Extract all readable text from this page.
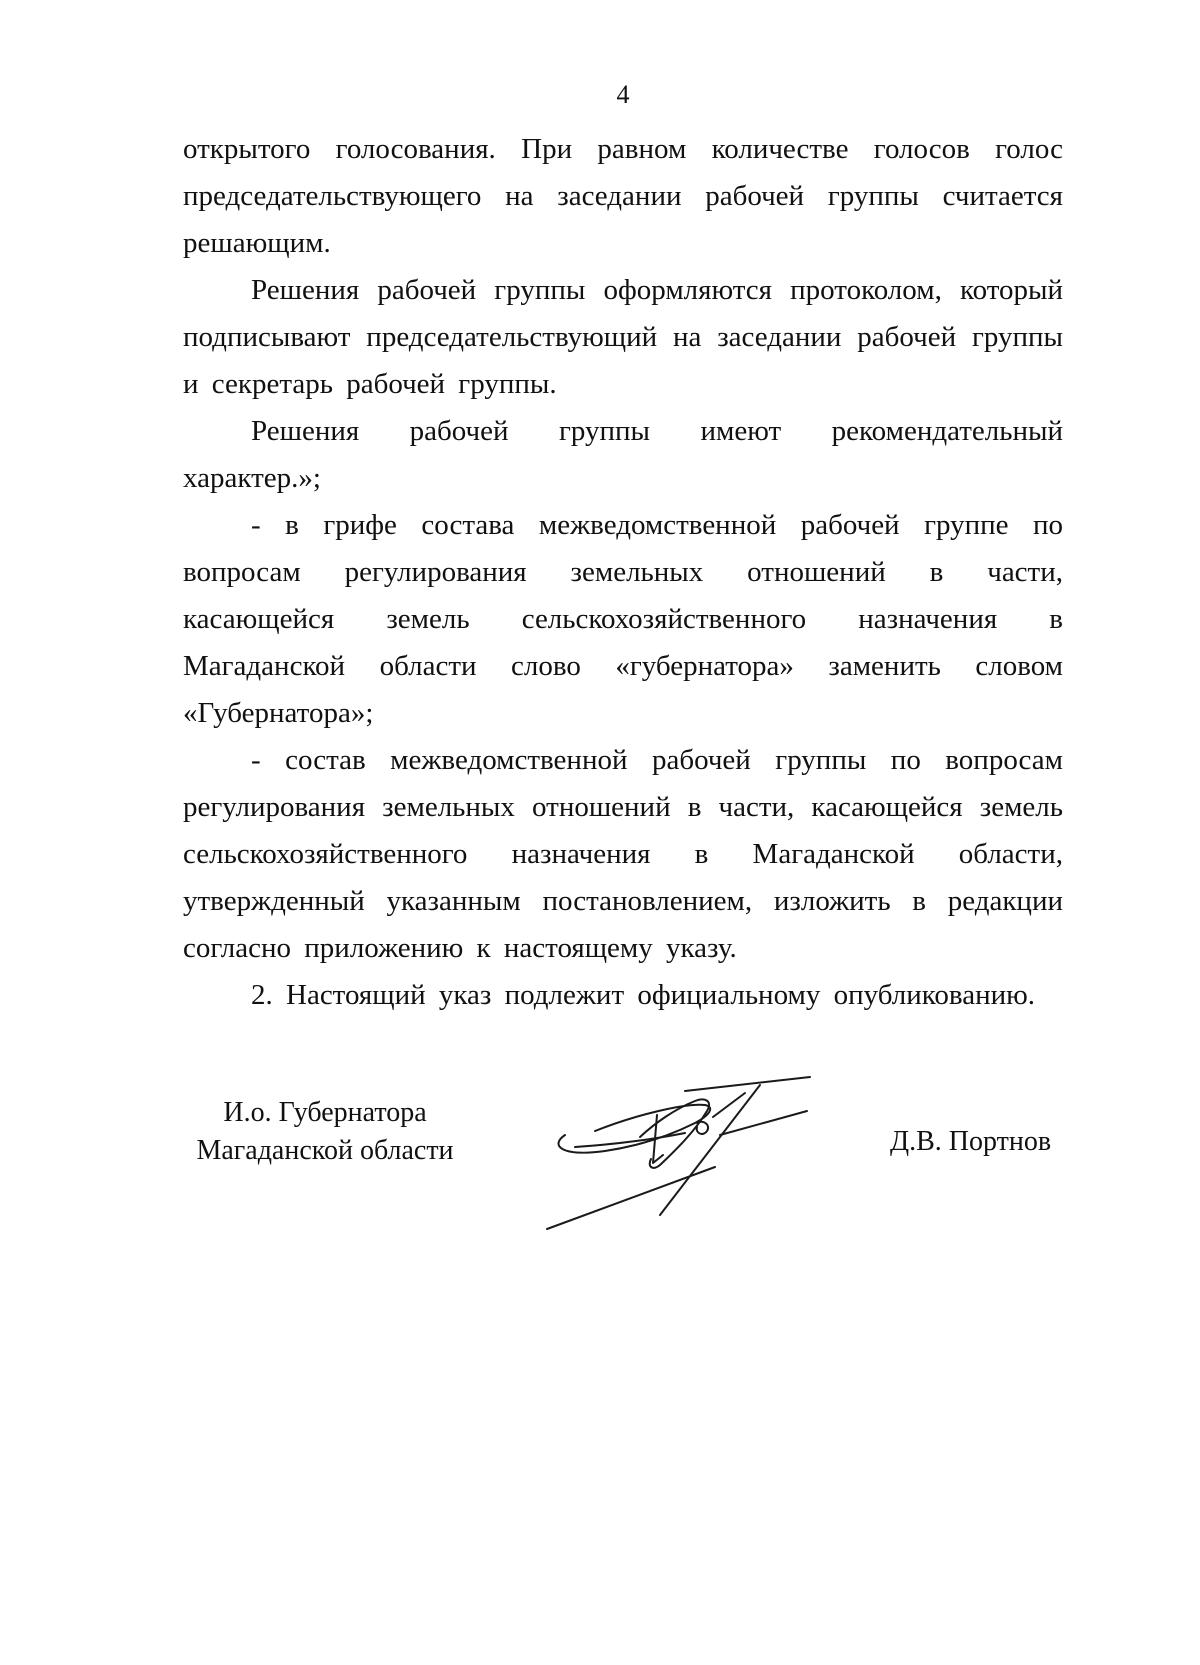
4

открытого голосования. При равном количестве голосов голос председательствующего на заседании рабочей группы считается решающим.

Решения рабочей группы оформляются протоколом, который подписывают председательствующий на заседании рабочей группы и секретарь рабочей группы.

Решения рабочей группы имеют рекомендательный характер.»;

- в грифе состава межведомственной рабочей группе по вопросам регулирования земельных отношений в части, касающейся земель сельскохозяйственного назначения в Магаданской области слово «губернатора» заменить словом «Губернатора»;

- состав межведомственной рабочей группы по вопросам регулирования земельных отношений в части, касающейся земель сельскохозяйственного назначения в Магаданской области, утвержденный указанным постановлением, изложить в редакции согласно приложению к настоящему указу.

2. Настоящий указ подлежит официальному опубликованию.

И.о. Губернатора
Магаданской области	Д.В. Портнов
